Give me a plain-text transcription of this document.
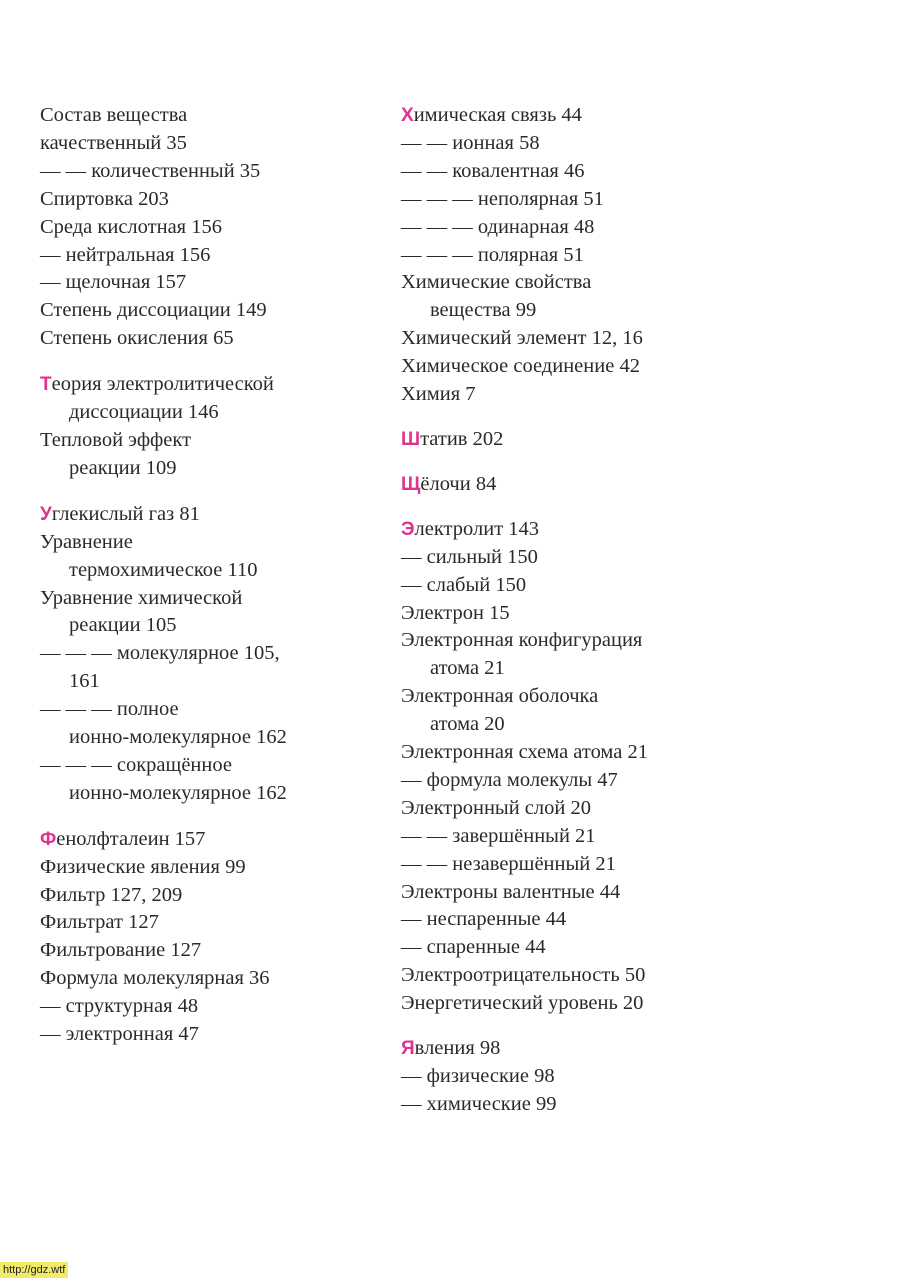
Состав вещества
качественный 35
— — количественный 35
Спиртовка 203
Среда кислотная 156
— нейтральная 156
— щелочная 157
Степень диссоциации 149
Степень окисления 65
Теория электролитической
диссоциации 146
Тепловой эффект
реакции 109
Углекислый газ 81
Уравнение
термохимическое 110
Уравнение химической
реакции 105
— — — молекулярное 105,
161
— — — полное
ионно-молекулярное 162
— — — сокращённое
ионно-молекулярное 162
Фенолфталеин 157
Физические явления 99
Фильтр 127, 209
Фильтрат 127
Фильтрование 127
Формула молекулярная 36
— структурная 48
— электронная 47
Химическая связь 44
— — ионная 58
— — ковалентная 46
— — — неполярная 51
— — — одинарная 48
— — — полярная 51
Химические свойства
вещества 99
Химический элемент 12, 16
Химическое соединение 42
Химия 7
Штатив 202
Щёлочи 84
Электролит 143
— сильный 150
— слабый 150
Электрон 15
Электронная конфигурация
атома 21
Электронная оболочка
атома 20
Электронная схема атома 21
— формула молекулы 47
Электронный слой 20
— — завершённый 21
— — незавершённый 21
Электроны валентные 44
— неспаренные 44
— спаренные 44
Электроотрицательность 50
Энергетический уровень 20
Явления 98
— физические 98
— химические 99
http://gdz.wtf
